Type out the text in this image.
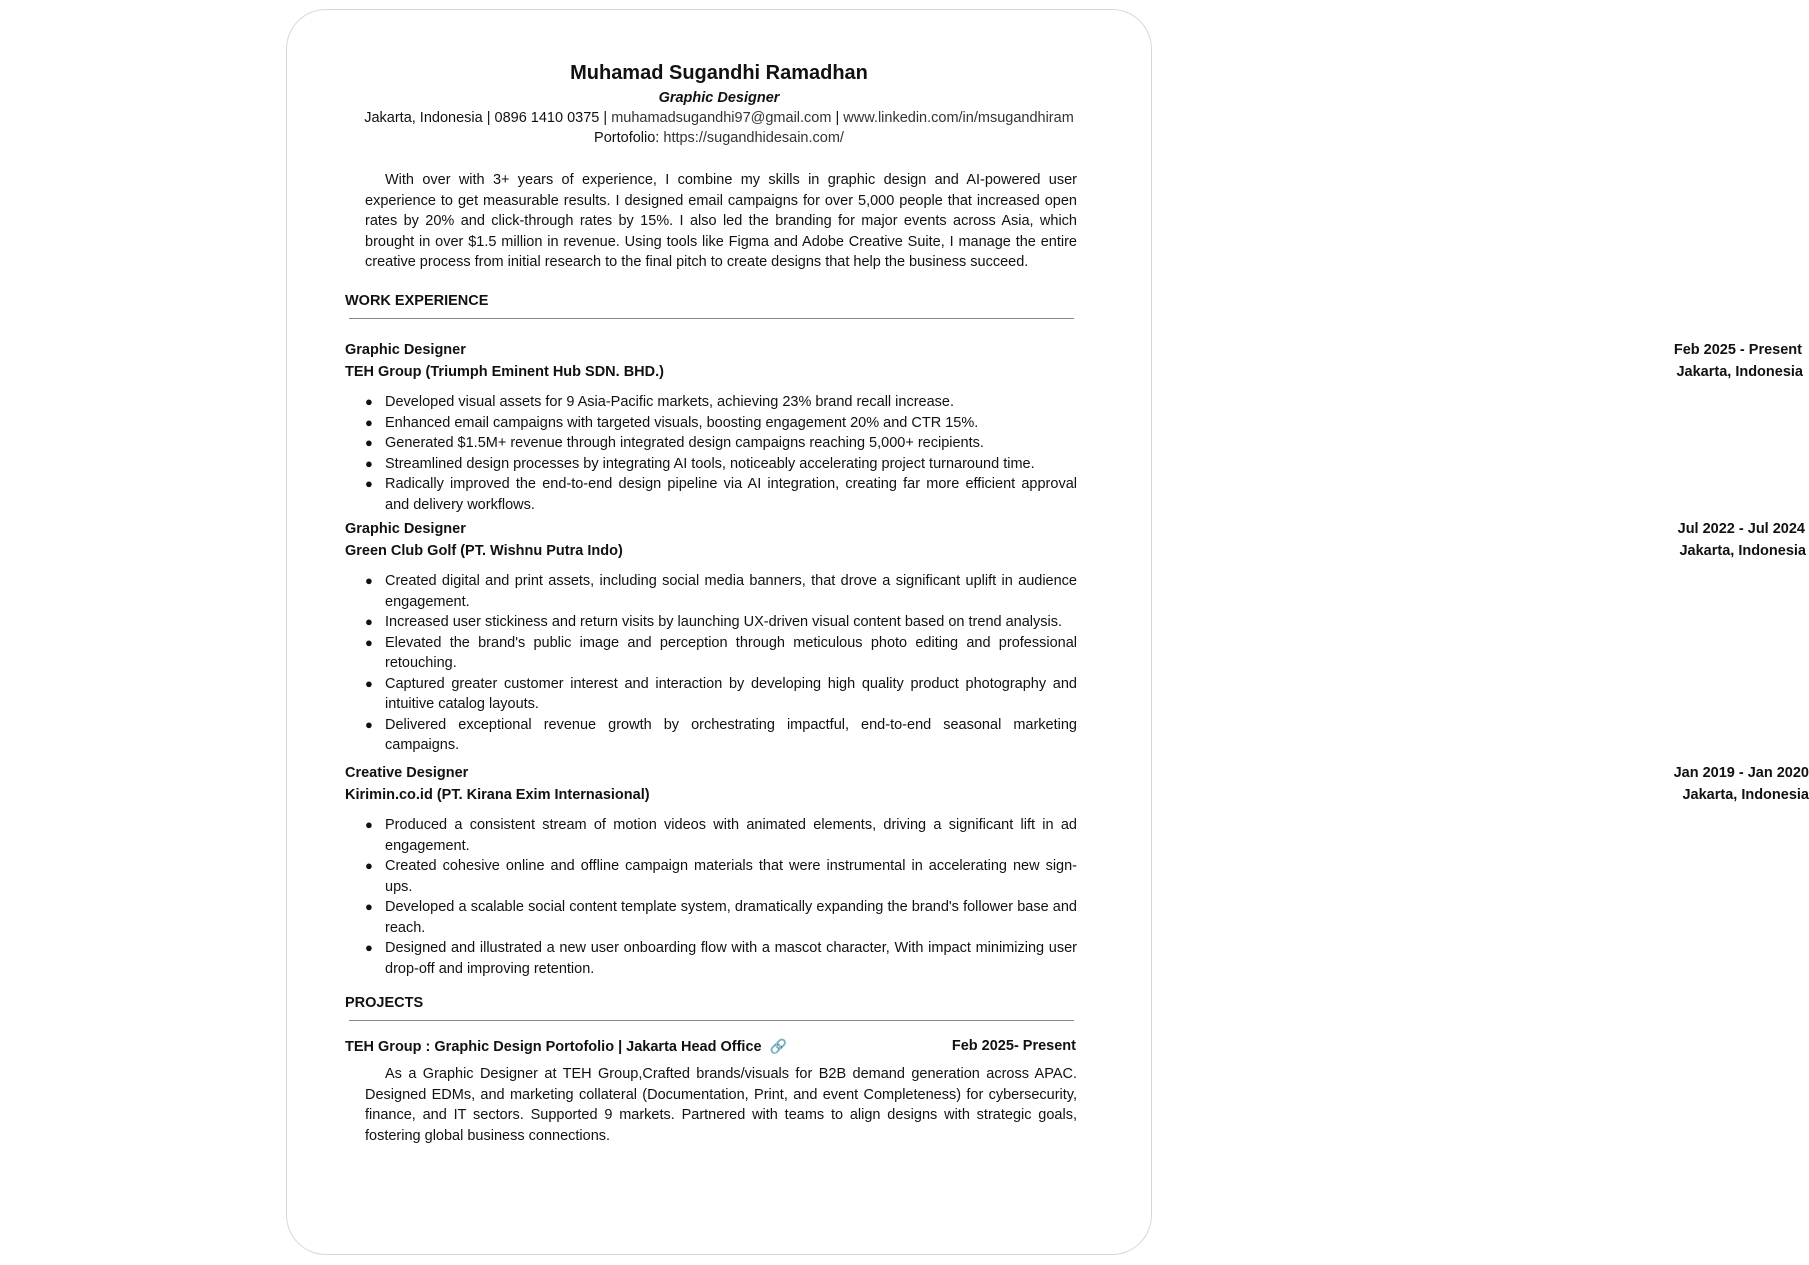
Muhamad Sugandhi Ramadhan
Graphic Designer
Jakarta, Indonesia | 0896 1410 0375 | muhamadsugandhi97@gmail.com | www.linkedin.com/in/msugandhiram
Portofolio: https://sugandhidesain.com/

With over with 3+ years of experience, I combine my skills in graphic design and AI-powered user experience to get measurable results. I designed email campaigns for over 5,000 people that increased open rates by 20% and click-through rates by 15%. I also led the branding for major events across Asia, which brought in over $1.5 million in revenue. Using tools like Figma and Adobe Creative Suite, I manage the entire creative process from initial research to the final pitch to create designs that help the business succeed.

WORK EXPERIENCE
Graphic Designer	Feb 2025 - Present
TEH Group (Triumph Eminent Hub SDN. BHD.)	Jakarta, Indonesia
● Developed visual assets for 9 Asia-Pacific markets, achieving 23% brand recall increase.
● Enhanced email campaigns with targeted visuals, boosting engagement 20% and CTR 15%.
● Generated $1.5M+ revenue through integrated design campaigns reaching 5,000+ recipients.
● Streamlined design processes by integrating AI tools, noticeably accelerating project turnaround time.
● Radically improved the end-to-end design pipeline via AI integration, creating far more efficient approval and delivery workflows.
Graphic Designer	Jul 2022 - Jul 2024
Green Club Golf (PT. Wishnu Putra Indo)	Jakarta, Indonesia
● Created digital and print assets, including social media banners, that drove a significant uplift in audience engagement.
● Increased user stickiness and return visits by launching UX-driven visual content based on trend analysis.
● Elevated the brand's public image and perception through meticulous photo editing and professional retouching.
● Captured greater customer interest and interaction by developing high quality product photography and intuitive catalog layouts.
● Delivered exceptional revenue growth by orchestrating impactful, end-to-end seasonal marketing campaigns.
Creative Designer	Jan 2019 - Jan 2020
Kirimin.co.id (PT. Kirana Exim Internasional)	Jakarta, Indonesia
● Produced a consistent stream of motion videos with animated elements, driving a significant lift in ad engagement.
● Created cohesive online and offline campaign materials that were instrumental in accelerating new sign-ups.
● Developed a scalable social content template system, dramatically expanding the brand's follower base and reach.
● Designed and illustrated a new user onboarding flow with a mascot character, With impact minimizing user drop-off and improving retention.
PROJECTS
TEH Group : Graphic Design Portofolio | Jakarta Head Office 🔗	Feb 2025- Present

As a Graphic Designer at TEH Group,Crafted brands/visuals for B2B demand generation across APAC. Designed EDMs, and marketing collateral (Documentation, Print, and event Completeness) for cybersecurity, finance, and IT sectors. Supported 9 markets. Partnered with teams to align designs with strategic goals, fostering global business connections.
